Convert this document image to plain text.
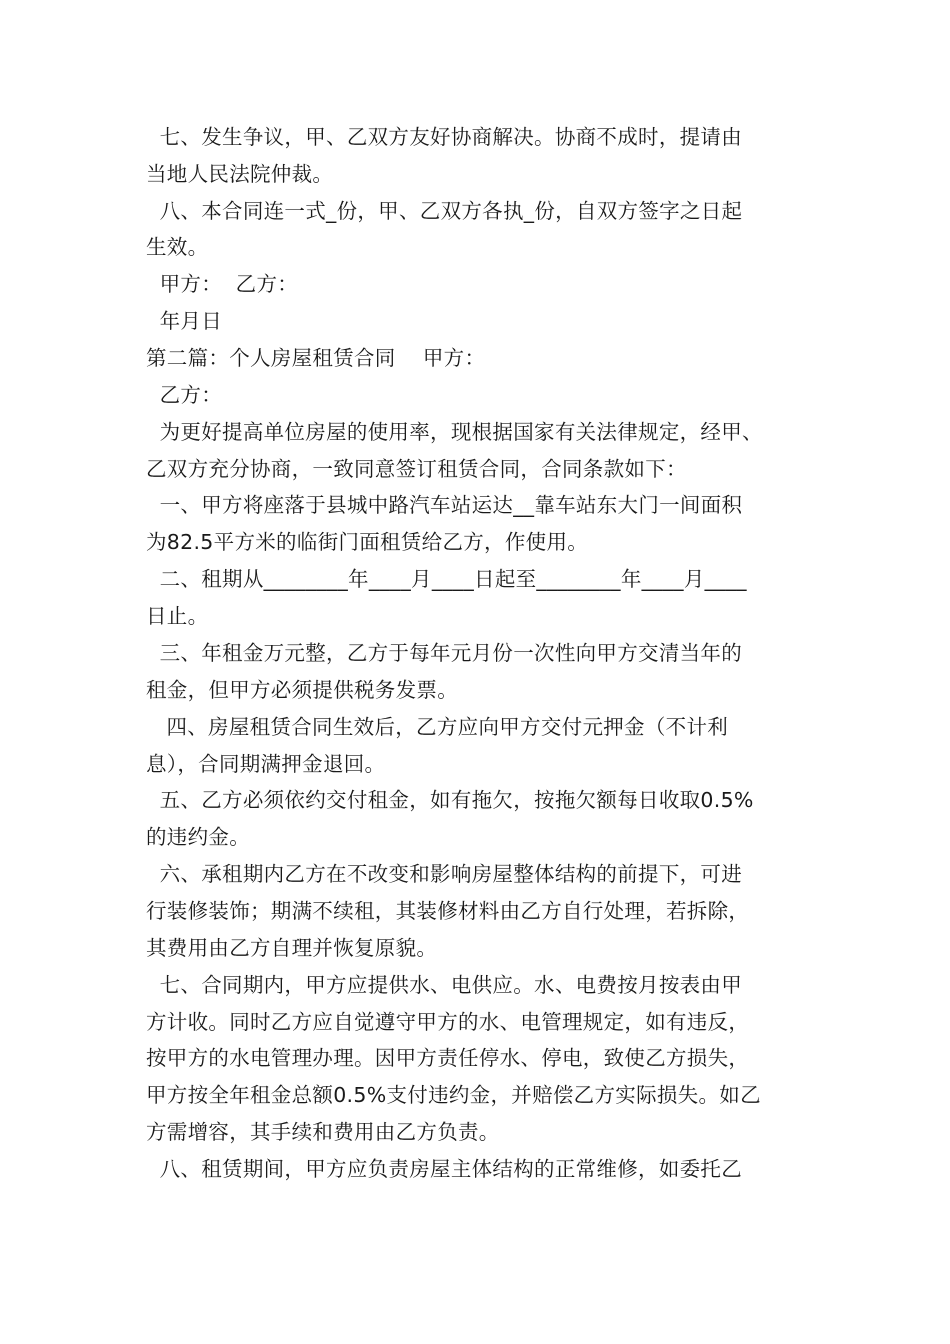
七、发生争议，甲、乙双方友好协商解决。协商不成时，提请由
当地人民法院仲裁。
八、本合同连一式_份，甲、乙双方各执_份，自双方签字之日起
生效。
甲方：  乙方：
年月日
第二篇：个人房屋租赁合同    甲方：
乙方：
为更好提高单位房屋的使用率，现根据国家有关法律规定，经甲、
乙双方充分协商，一致同意签订租赁合同，合同条款如下：
一、甲方将座落于县城中路汽车站运达__靠车站东大门一间面积
为82.5平方米的临街门面租赁给乙方，作使用。
二、租期从________年____月____日起至________年____月____
日止。
三、年租金万元整，乙方于每年元月份一次性向甲方交清当年的
租金，但甲方必须提供税务发票。
四、房屋租赁合同生效后，乙方应向甲方交付元押金（不计利
息），合同期满押金退回。
五、乙方必须依约交付租金，如有拖欠，按拖欠额每日收取0.5%
的违约金。
六、承租期内乙方在不改变和影响房屋整体结构的前提下，可进
行装修装饰；期满不续租，其装修材料由乙方自行处理，若拆除，
其费用由乙方自理并恢复原貌。
七、合同期内，甲方应提供水、电供应。水、电费按月按表由甲
方计收。同时乙方应自觉遵守甲方的水、电管理规定，如有违反，
按甲方的水电管理办理。因甲方责任停水、停电，致使乙方损失，
甲方按全年租金总额0.5%支付违约金，并赔偿乙方实际损失。如乙
方需增容，其手续和费用由乙方负责。
八、租赁期间，甲方应负责房屋主体结构的正常维修，如委托乙
